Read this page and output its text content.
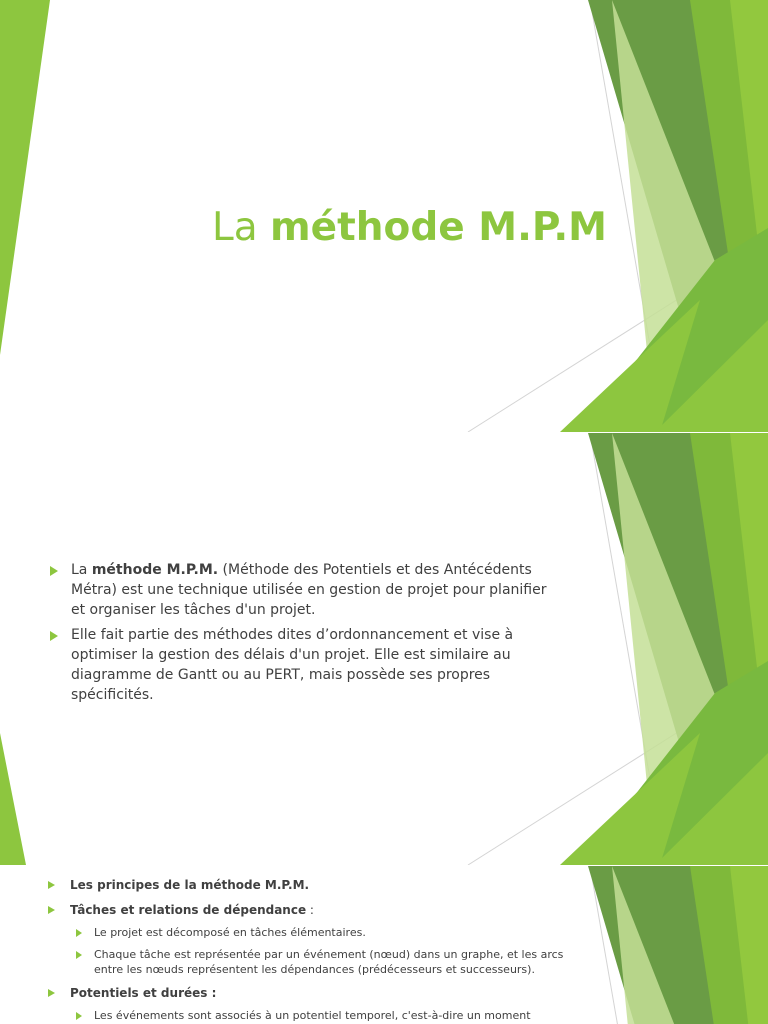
La méthode M.P.M
La méthode M.P.M. (Méthode des Potentiels et des Antécédents Métra) est une technique utilisée en gestion de projet pour planifier et organiser les tâches d'un projet.
Elle fait partie des méthodes dites d’ordonnancement et vise à optimiser la gestion des délais d'un projet. Elle est similaire au diagramme de Gantt ou au PERT, mais possède ses propres spécificités.
Les principes de la méthode M.P.M.
Tâches et relations de dépendance :
Le projet est décomposé en tâches élémentaires.
Chaque tâche est représentée par un événement (nœud) dans un graphe, et les arcs entre les nœuds représentent les dépendances (prédécesseurs et successeurs).
Potentiels et durées :
Les événements sont associés à un potentiel temporel, c'est-à-dire un moment
